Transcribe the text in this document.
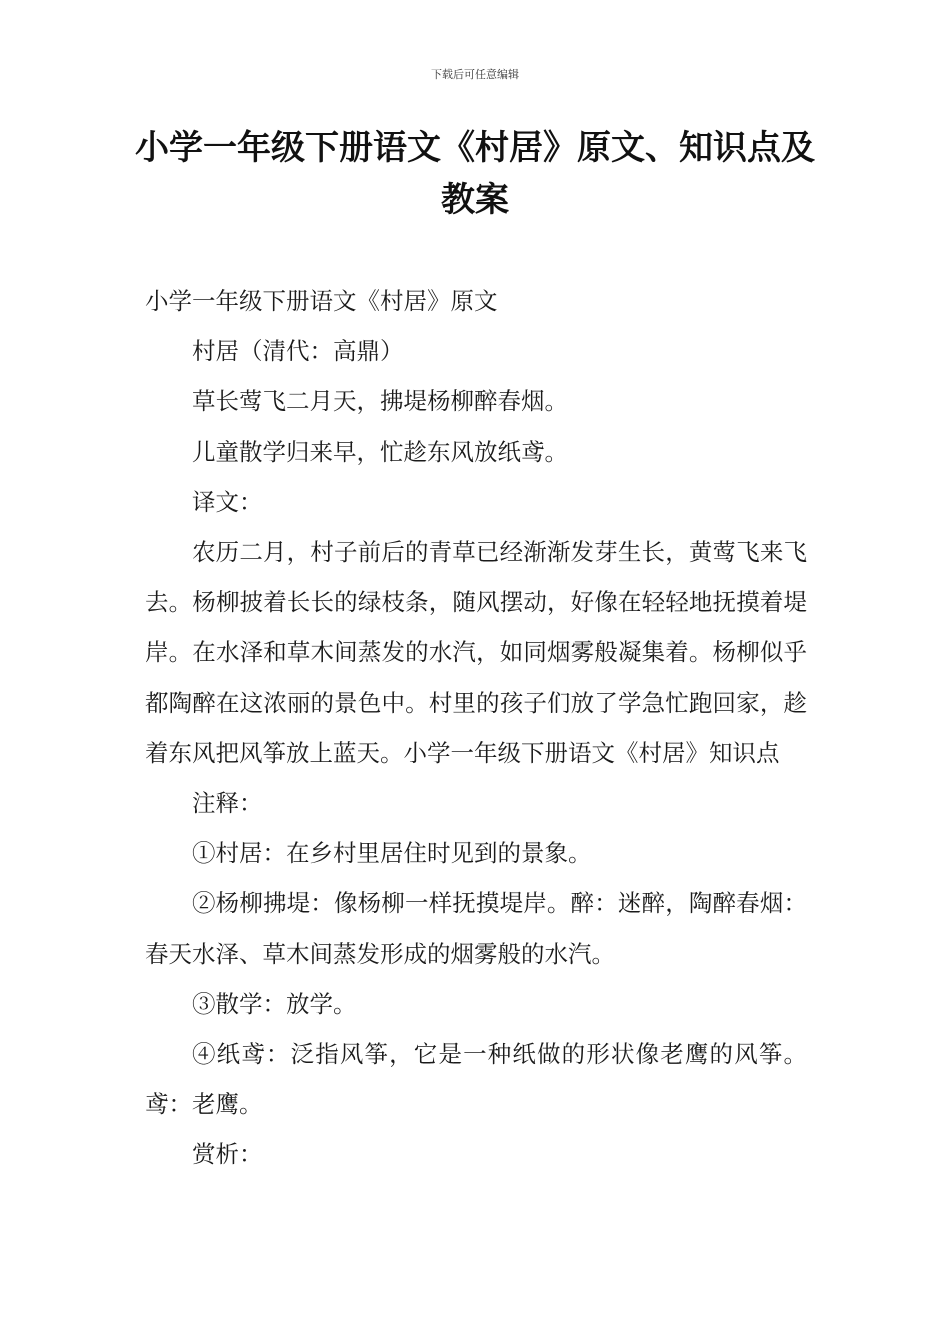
下载后可任意编辑
小学一年级下册语文《村居》原文、知识点及教案

小学一年级下册语文《村居》原文

村居（清代：高鼎）

草长莺飞二月天，拂堤杨柳醉春烟。

儿童散学归来早，忙趁东风放纸鸢。

译文：

农历二月，村子前后的青草已经渐渐发芽生长，黄莺飞来飞去。杨柳披着长长的绿枝条，随风摆动，好像在轻轻地抚摸着堤岸。在水泽和草木间蒸发的水汽，如同烟雾般凝集着。杨柳似乎都陶醉在这浓丽的景色中。村里的孩子们放了学急忙跑回家，趁着东风把风筝放上蓝天。小学一年级下册语文《村居》知识点

注释：

①村居：在乡村里居住时见到的景象。

②杨柳拂堤：像杨柳一样抚摸堤岸。醉：迷醉，陶醉春烟：春天水泽、草木间蒸发形成的烟雾般的水汽。

③散学：放学。

④纸鸢：泛指风筝，它是一种纸做的形状像老鹰的风筝。鸢：老鹰。

赏析：
